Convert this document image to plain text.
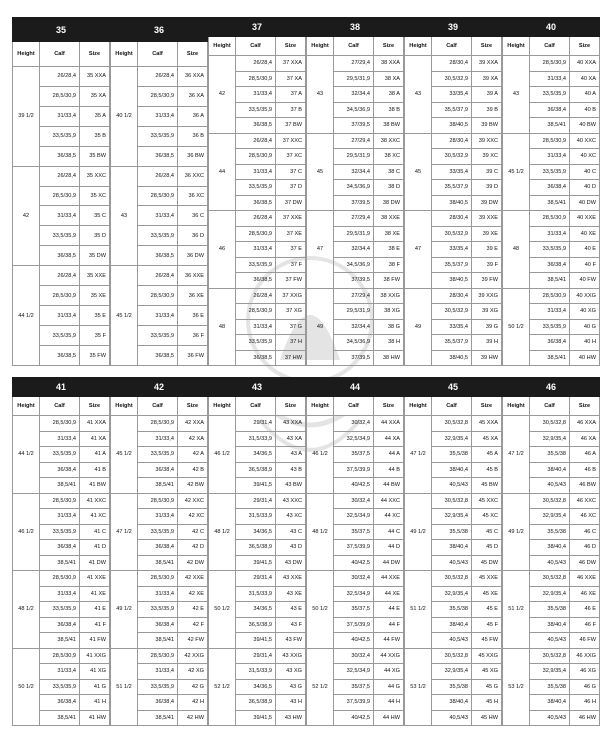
35		
Height	Calf	Size
39 1/2	26/28,4	35 XXA
	28,5/30,9	35 XA
	31/33,4	35 A
	33,5/35,9	35 B
	36/38,5	35 BW
42	26/28,4	35 XXC
	28,5/30,9	35 XC
	31/33,4	35 C
	33,5/35,9	35 D
	36/38,5	35 DW
44 1/2	26/28,4	35 XXE
	28,5/30,9	35 XE
	31/33,4	35 E
	33,5/35,9	35 F
	36/38,5	35 FW
36		
Height	Calf	Size
40 1/2	26/28,4	36 XXA
	28,5/30,9	36 XA
	31/33,4	36 A
	33,5/35,9	36 B
	36/38,5	36 BW
43	26/28,4	36 XXC
	28,5/30,9	36 XC
	31/33,4	36 C
	33,5/35,9	36 D
	36/38,5	36 DW
45 1/2	26/28,4	36 XXE
	28,5/30,9	36 XE
	31/33,4	36 E
	33,5/35,9	36 F
	36/38,5	36 FW
37		
Height	Calf	Size
42	26/28,4	37 XXA
	28,5/30,9	37 XA
	31/33,4	37 A
	33,5/35,9	37 B
	36/38,5	37 BW
44	26/28,4	37 XXC
	28,5/30,9	37 XC
	31/33,4	37 C
	33,5/35,9	37 D
	36/38,5	37 DW
46	26/28,4	37 XXE
	28,5/30,9	37 XE
	31/33,4	37 E
	33,5/35,9	37 F
	36/38,5	37 FW
48	26/28,4	37 XXG
	28,5/30,9	37 XG
	31/33,4	37 G
	33,5/35,9	37 H
	36/38,5	37 HW
38		
Height	Calf	Size
43	27/29,4	38 XXA
	29,5/31,9	38 XA
	32/34,4	38 A
	34,5/36,9	38 B
	37/39,5	38 BW
45	27/29,4	38 XXC
	29,5/31,9	38 XC
	32/34,4	38 C
	34,5/36,9	38 D
	37/39,5	38 DW
47	27/29,4	38 XXE
	29,5/31,9	38 XE
	32/34,4	38 E
	34,5/36,9	38 F
	37/39,5	38 FW
49	27/29,4	38 XXG
	29,5/31,9	38 XG
	32/34,4	38 G
	34,5/36,9	38 H
	37/39,5	38 HW
39		
Height	Calf	Size
43	28/30,4	39 XXA
	30,5/32,9	39 XA
	33/35,4	39 A
	35,5/37,9	39 B
	38/40,5	39 BW
45	28/30,4	39 XXC
	30,5/32,9	39 XC
	33/35,4	39 C
	35,5/37,9	39 D
	38/40,5	39 DW
47	28/30,4	39 XXE
	30,5/32,9	39 XE
	33/35,4	39 E
	35,5/37,9	39 F
	38/40,5	39 FW
49	28/30,4	39 XXG
	30,5/32,9	39 XG
	33/35,4	39 G
	35,5/37,9	39 H
	38/40,5	39 HW
40		
Height	Calf	Size
43	28,5/30,9	40 XXA
	31/33,4	40 XA
	33,5/35,9	40 A
	36/38,4	40 B
	38,5/41	40 BW
45 1/2	28,5/30,9	40 XXC
	31/33,4	40 XC
	33,5/35,9	40 C
	36/38,4	40 D
	38,5/41	40 DW
48	28,5/30,9	40 XXE
	31/33,4	40 XE
	33,5/35,9	40 E
	36/38,4	40 F
	38,5/41	40 FW
50 1/2	28,5/30,9	40 XXG
	31/33,4	40 XG
	33,5/35,9	40 G
	36/38,4	40 H
	38,5/41	40 HW
41		
Height	Calf	Size
44 1/2	28,5/30,9	41 XXA
	31/33,4	41 XA
	33,5/35,9	41 A
	36/38,4	41 B
	38,5/41	41 BW
46 1/2	28,5/30,9	41 XXC
	31/33,4	41 XC
	33,5/35,9	41 C
	36/38,4	41 D
	38,5/41	41 DW
48 1/2	28,5/30,9	41 XXE
	31/33,4	41 XE
	33,5/35,9	41 E
	36/38,4	41 F
	38,5/41	41 FW
50 1/2	28,5/30,9	41 XXG
	31/33,4	41 XG
	33,5/35,9	41 G
	36/38,4	41 H
	38,5/41	41 HW
42		
Height	Calf	Size
45 1/2	28,5/30,9	42 XXA
	31/33,4	42 XA
	33,5/35,9	42 A
	36/38,4	42 B
	38,5/41	42 BW
47 1/2	28,5/30,9	42 XXC
	31/33,4	42 XC
	33,5/35,9	42 C
	36/38,4	42 D
	38,5/41	42 DW
49 1/2	28,5/30,9	42 XXE
	31/33,4	42 XE
	33,5/35,9	42 E
	36/38,4	42 F
	38,5/41	42 FW
51 1/2	28,5/30,9	42 XXG
	31/33,4	42 XG
	33,5/35,9	42 G
	36/38,4	42 H
	38,5/41	42 HW
43		
Height	Calf	Size
46 1/2	29/31,4	43 XXA
	31,5/33,9	43 XA
	34/36,5	43 A
	36,5/38,9	43 B
	39/41,5	43 BW
48 1/2	29/31,4	43 XXC
	31,5/33,9	43 XC
	34/36,5	43 C
	36,5/38,9	43 D
	39/41,5	43 DW
50 1/2	29/31,4	43 XXE
	31,5/33,9	43 XE
	34/36,5	43 E
	36,5/38,9	43 F
	39/41,5	43 FW
52 1/2	29/31,4	43 XXG
	31,5/33,9	43 XG
	34/36,5	43 G
	36,5/38,9	43 H
	39/41,5	43 HW
44		
Height	Calf	Size
46 1/2	30/32,4	44 XXA
	32,5/34,9	44 XA
	35/37,5	44 A
	37,5/39,9	44 B
	40/42,5	44 BW
48 1/2	30/32,4	44 XXC
	32,5/34,9	44 XC
	35/37,5	44 C
	37,5/39,9	44 D
	40/42,5	44 DW
50 1/2	30/32,4	44 XXE
	32,5/34,9	44 XE
	35/37,5	44 E
	37,5/39,9	44 F
	40/42,5	44 FW
52 1/2	30/32,4	44 XXG
	32,5/34,9	44 XG
	35/37,5	44 G
	37,5/39,9	44 H
	40/42,5	44 HW
45		
Height	Calf	Size
47 1/2	30,5/32,8	45 XXA
	32,9/35,4	45 XA
	35,5/38	45 A
	38/40,4	45 B
	40,5/43	45 BW
49 1/2	30,5/32,8	45 XXC
	32,9/35,4	45 XC
	35,5/38	45 C
	38/40,4	45 D
	40,5/43	45 DW
51 1/2	30,5/32,8	45 XXE
	32,9/35,4	45 XE
	35,5/38	45 E
	38/40,4	45 F
	40,5/43	45 FW
53 1/2	30,5/32,8	45 XXG
	32,9/35,4	45 XG
	35,5/38	45 G
	38/40,4	45 H
	40,5/43	45 HW
46		
Height	Calf	Size
47 1/2	30,5/32,8	46 XXA
	32,9/35,4	46 XA
	35,5/38	46 A
	38/40,4	46 B
	40,5/43	46 BW
49 1/2	30,5/32,8	46 XXC
	32,9/35,4	46 XC
	35,5/38	46 C
	38/40,4	46 D
	40,5/43	46 DW
51 1/2	30,5/32,8	46 XXE
	32,9/35,4	46 XE
	35,5/38	46 E
	38/40,4	46 F
	40,5/43	46 FW
53 1/2	30,5/32,8	46 XXG
	32,9/35,4	46 XG
	35,5/38	46 G
	38/40,4	46 H
	40,5/43	46 HW
